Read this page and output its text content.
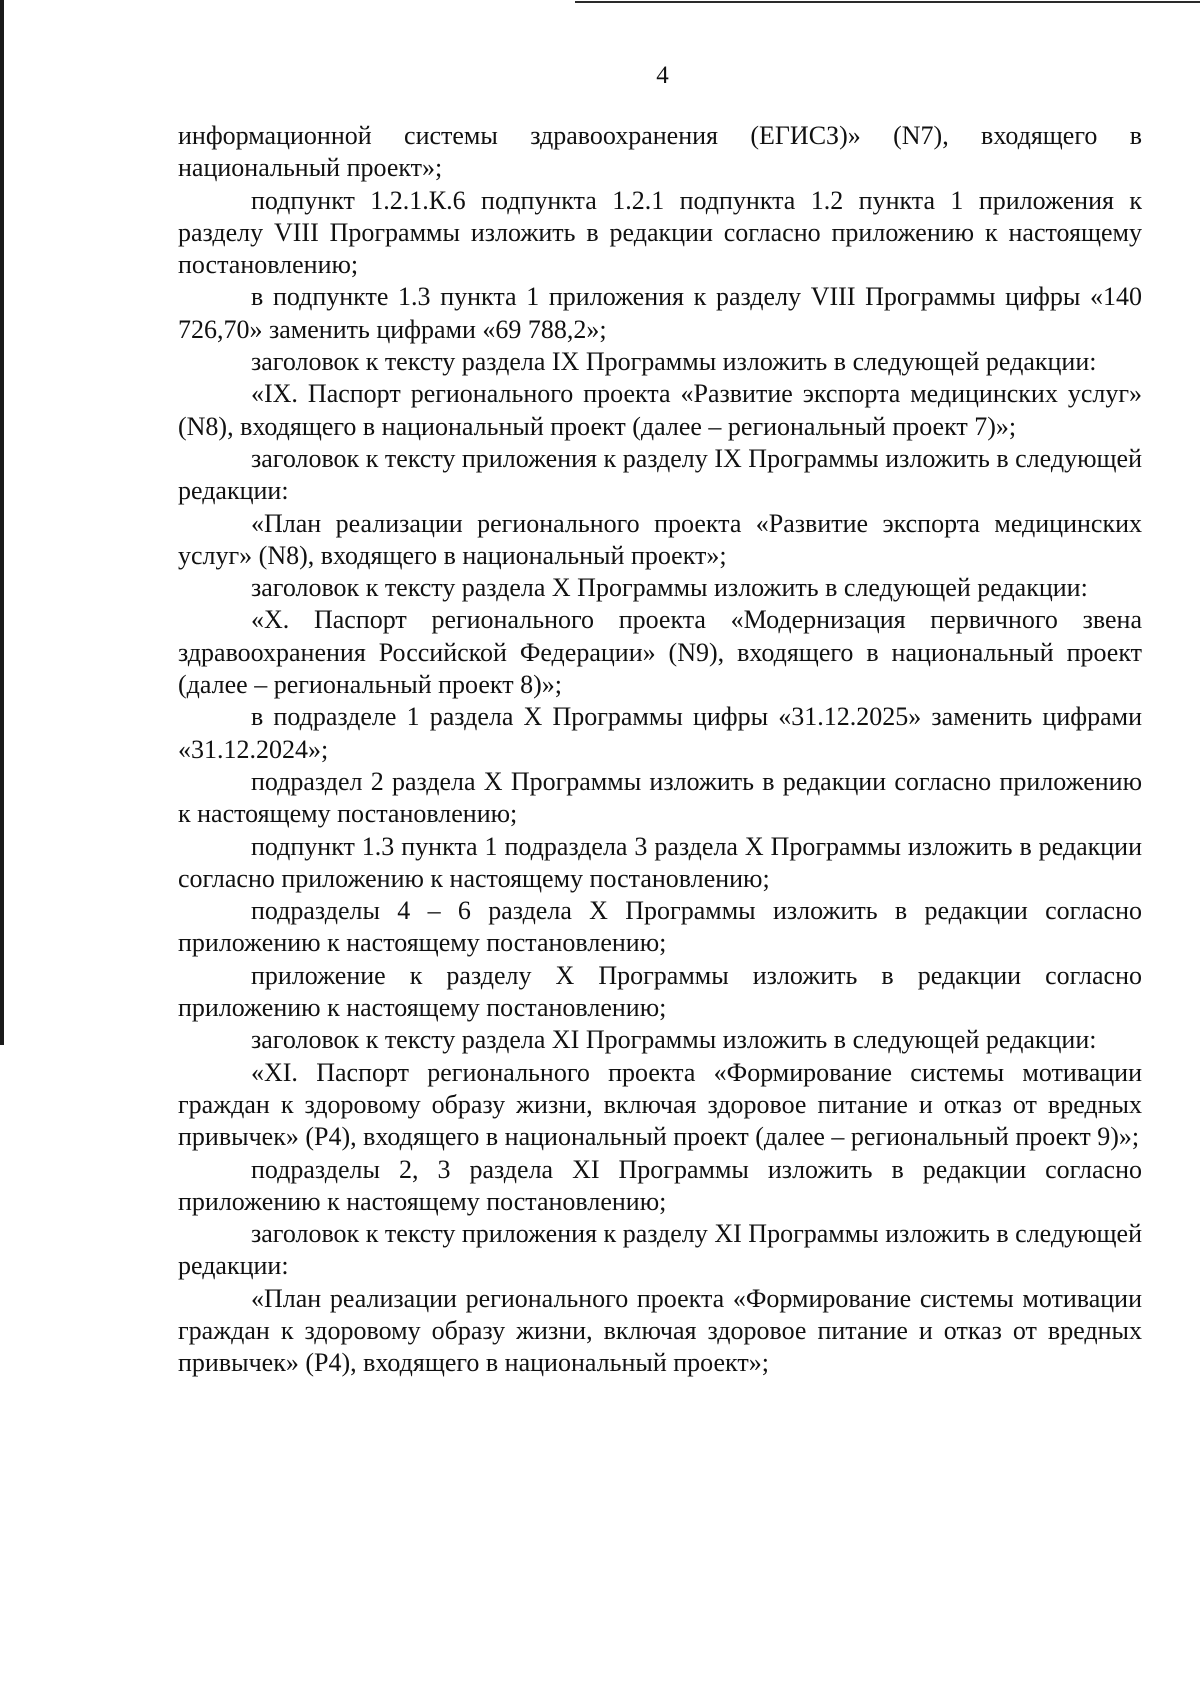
4

информационной системы здравоохранения (ЕГИСЗ)» (N7), входящего в национальный проект»;

подпункт 1.2.1.К.6 подпункта 1.2.1 подпункта 1.2 пункта 1 приложения к разделу VIII Программы изложить в редакции согласно приложению к настоящему постановлению;

в подпункте 1.3 пункта 1 приложения к разделу VIII Программы цифры «140 726,70» заменить цифрами «69 788,2»;

заголовок к тексту раздела IX Программы изложить в следующей редакции:

«IX. Паспорт регионального проекта «Развитие экспорта медицинских услуг» (N8), входящего в национальный проект (далее – региональный проект 7)»;

заголовок к тексту приложения к разделу IX Программы изложить в следующей редакции:

«План реализации регионального проекта «Развитие экспорта медицинских услуг» (N8), входящего в национальный проект»;

заголовок к тексту раздела X Программы изложить в следующей редакции:

«X. Паспорт регионального проекта «Модернизация первичного звена здравоохранения Российской Федерации» (N9), входящего в национальный проект (далее – региональный проект 8)»;

в подразделе 1 раздела X Программы цифры «31.12.2025» заменить цифрами «31.12.2024»;

подраздел 2 раздела X Программы изложить в редакции согласно приложению к настоящему постановлению;

подпункт 1.3 пункта 1 подраздела 3 раздела X Программы изложить в редакции согласно приложению к настоящему постановлению;

подразделы 4 – 6 раздела X Программы изложить в редакции согласно приложению к настоящему постановлению;

приложение к разделу X Программы изложить в редакции согласно приложению к настоящему постановлению;

заголовок к тексту раздела XI Программы изложить в следующей редакции:

«XI. Паспорт регионального проекта «Формирование системы мотивации граждан к здоровому образу жизни, включая здоровое питание и отказ от вредных привычек» (Р4), входящего в национальный проект (далее – региональный проект 9)»;

подразделы 2, 3 раздела XI Программы изложить в редакции согласно приложению к настоящему постановлению;

заголовок к тексту приложения к разделу XI Программы изложить в следующей редакции:

«План реализации регионального проекта «Формирование системы мотивации граждан к здоровому образу жизни, включая здоровое питание и отказ от вредных привычек» (Р4), входящего в национальный проект»;
